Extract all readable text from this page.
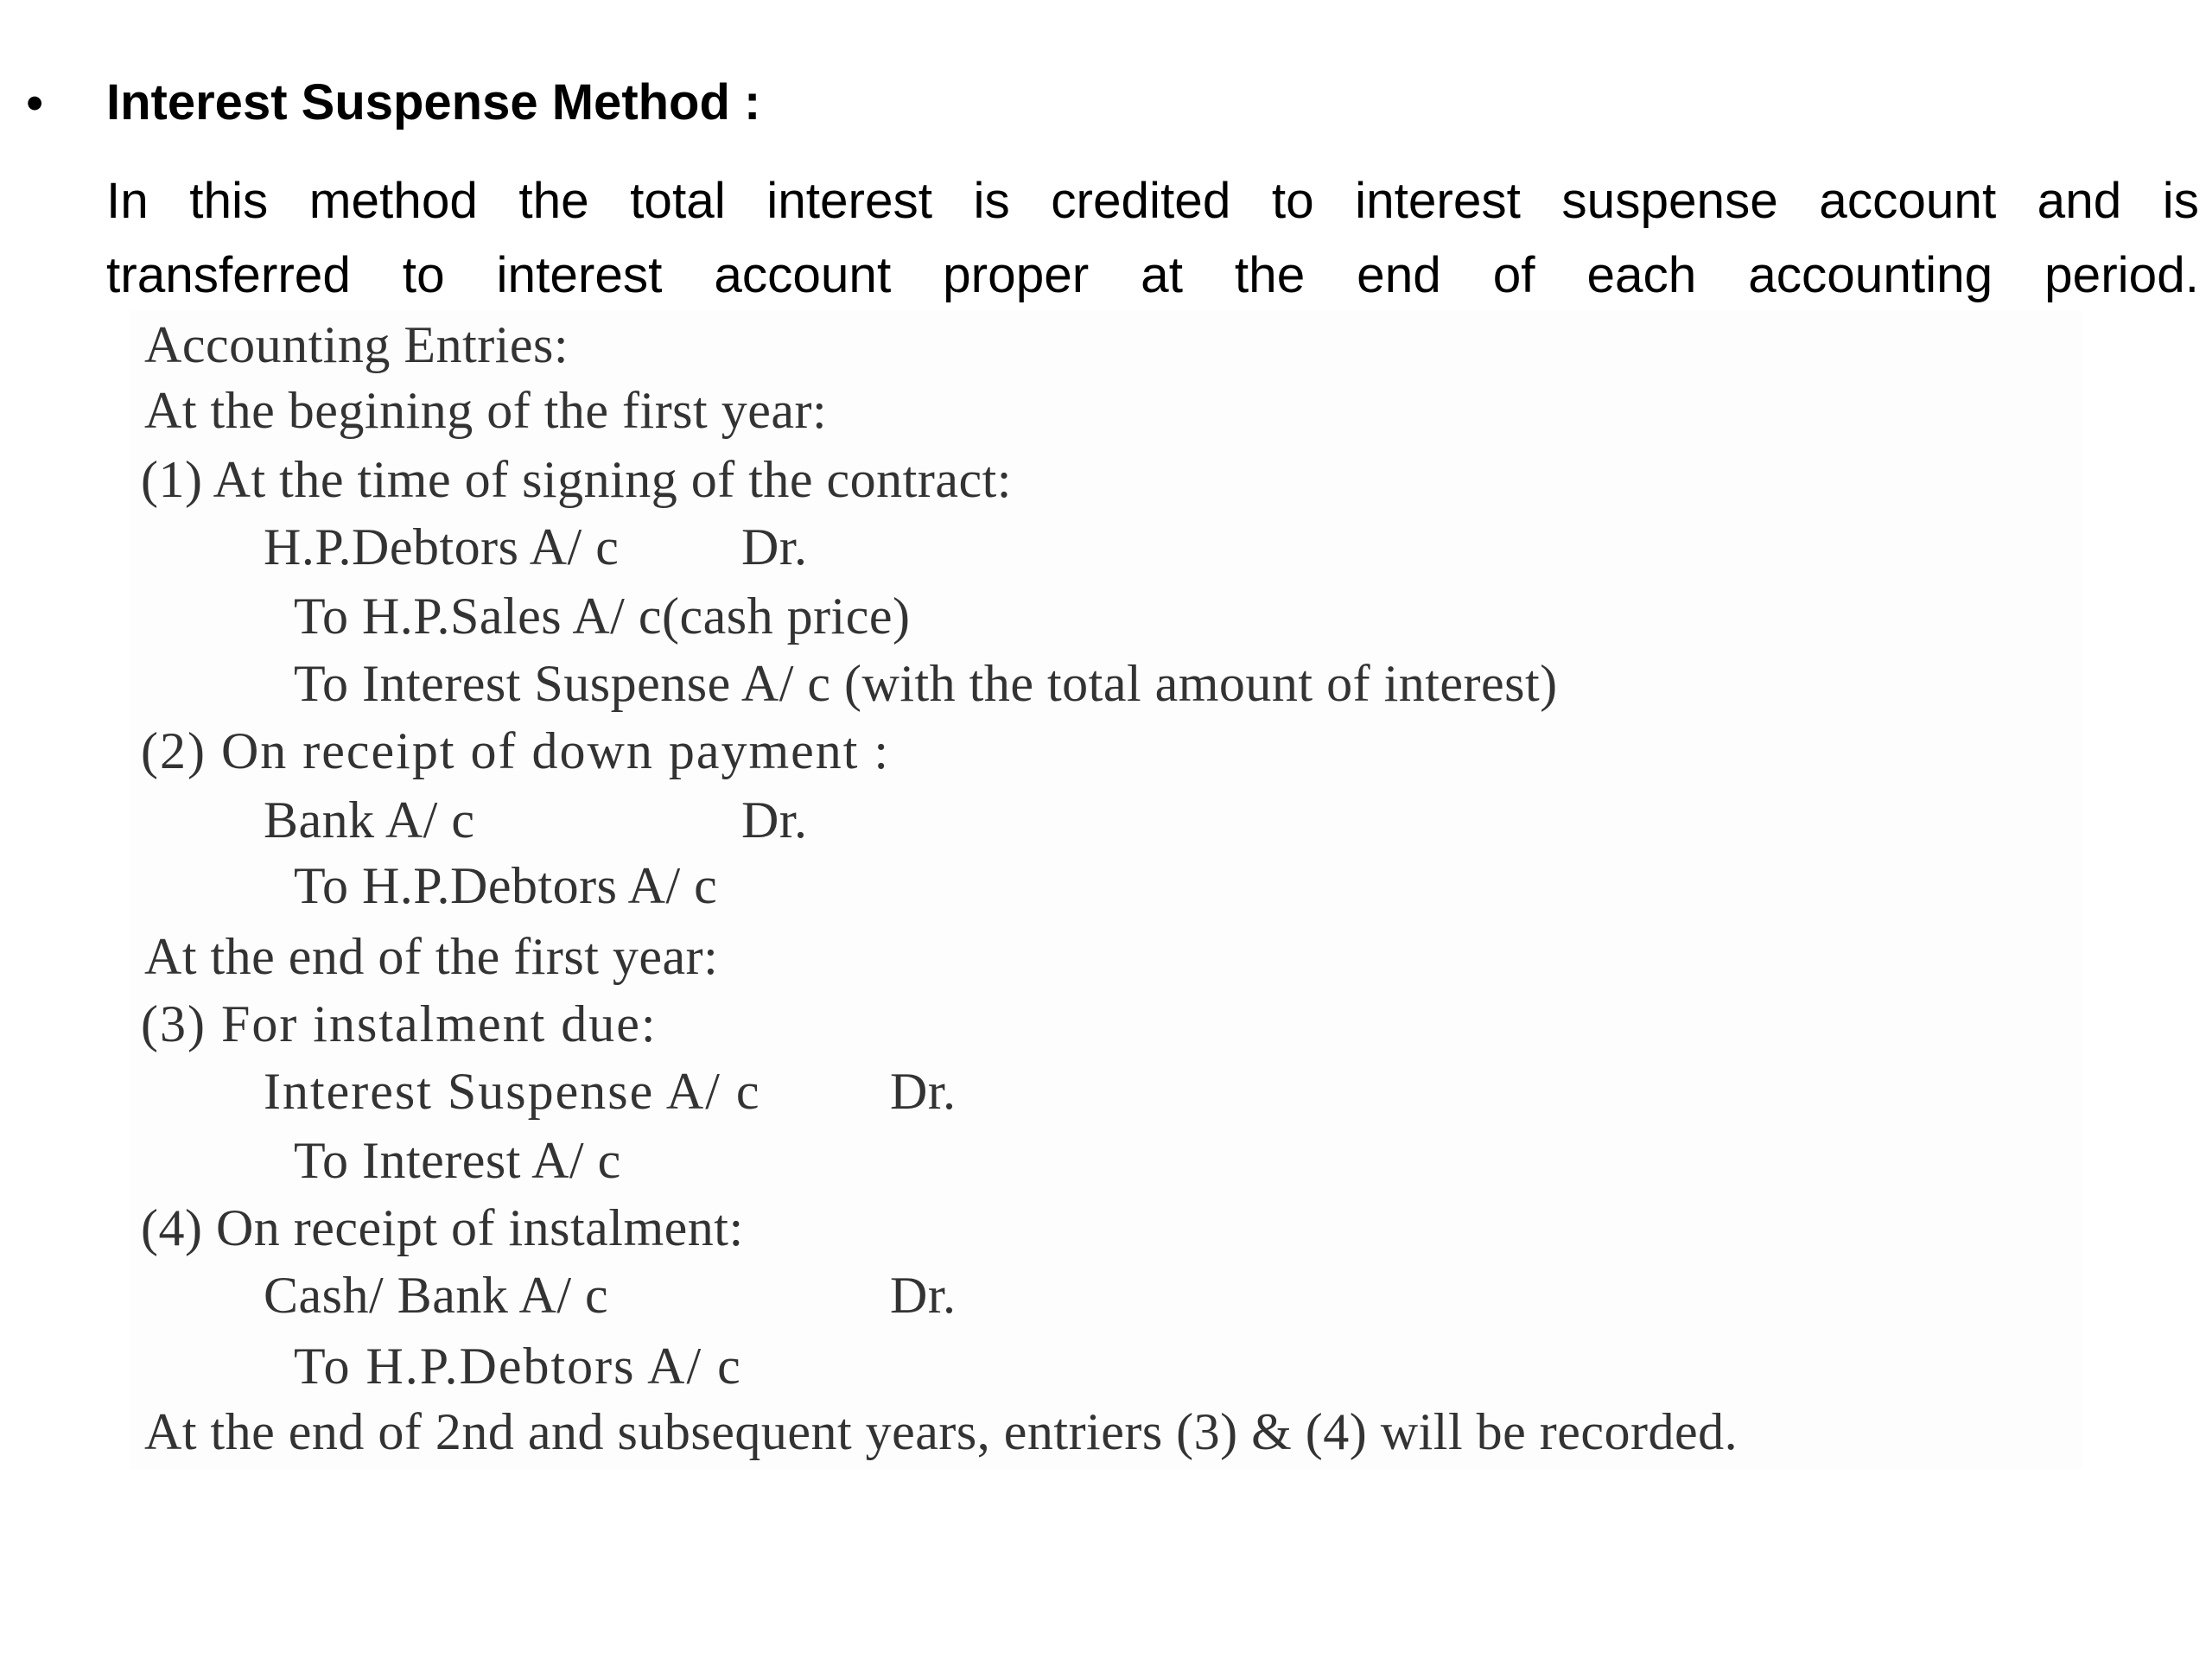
• Interest Suspense Method :
In this method the total interest is credited to interest suspense account and is
transferred to interest account proper at the end of each accounting period.
Accounting Entries:
At the begining of the first year:
(1) At the time of signing of the contract:
H.P.Debtors A/ c Dr.
To H.P.Sales A/ c(cash price)
To Interest Suspense A/ c (with the total amount of interest)
(2) On receipt of down payment :
Bank A/ c	Dr.
To H.P.Debtors A/ c
At the end of the first year:
(3) For instalment due:
Interest Suspense A/ c Dr.
To Interest A/ c
(4) On receipt of instalment:
Cash/ Bank A/ c	Dr.
To H.P.Debtors A/ c
At the end of 2nd and subsequent years, entriers (3) & (4) will be recorded.
